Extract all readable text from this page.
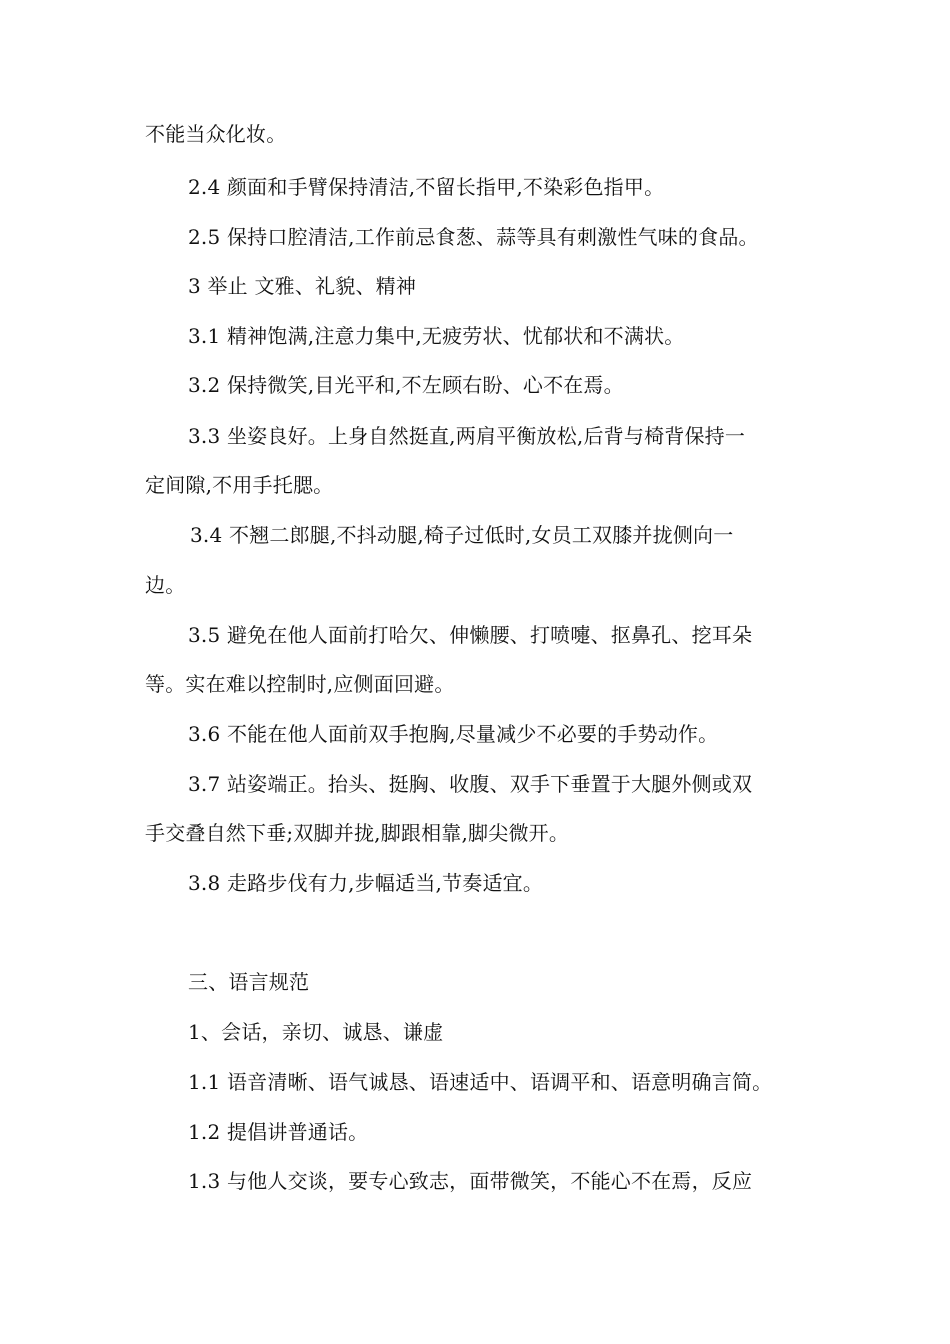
不能当众化妆。
2.4 颜面和手臂保持清洁,不留长指甲,不染彩色指甲。
2.5 保持口腔清洁,工作前忌食葱、蒜等具有刺激性气味的食品。
3 举止 文雅、礼貌、精神
3.1 精神饱满,注意力集中,无疲劳状、忧郁状和不满状。
3.2 保持微笑,目光平和,不左顾右盼、心不在焉。
3.3 坐姿良好。上身自然挺直,两肩平衡放松,后背与椅背保持一
定间隙,不用手托腮。
3.4 不翘二郎腿,不抖动腿,椅子过低时,女员工双膝并拢侧向一
边。
3.5 避免在他人面前打哈欠、伸懒腰、打喷嚏、抠鼻孔、挖耳朵
等。实在难以控制时,应侧面回避。
3.6 不能在他人面前双手抱胸,尽量减少不必要的手势动作。
3.7 站姿端正。抬头、挺胸、收腹、双手下垂置于大腿外侧或双
手交叠自然下垂;双脚并拢,脚跟相靠,脚尖微开。
3.8 走路步伐有力,步幅适当,节奏适宜。
三、语言规范
1、会话，亲切、诚恳、谦虚
1.1 语音清晰、语气诚恳、语速适中、语调平和、语意明确言简。
1.2 提倡讲普通话。
1.3 与他人交谈，要专心致志，面带微笑，不能心不在焉，反应
